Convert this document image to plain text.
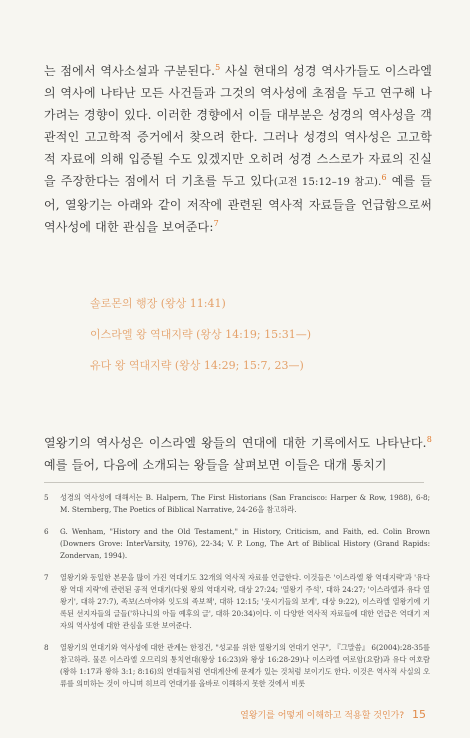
는 점에서 역사소설과 구분된다.$^5$ 사실 현대의 성경 역사가들도 이스라엘의 역사에 나타난 모든 사건들과 그것의 역사성에 초점을 두고 연구해 나가려는 경향이 있다. 이러한 경향에서 이들 대부분은 성경의 역사성을 객관적인 고고학적 증거에서 찾으려 한다. 그러나 성경의 역사성은 고고학적 자료에 의해 입증될 수도 있겠지만 오히려 성경 스스로가 자료의 진실을 주장한다는 점에서 더 기초를 두고 있다(고전 15:12–19 참고).$^6$ 예를 들어, 열왕기는 아래와 같이 저작에 관련된 역사적 자료들을 언급함으로써 역사성에 대한 관심을 보여준다:$^7$

솔로몬의 행장 (왕상 11:41)

이스라엘 왕 역대지략 (왕상 14:19; 15:31—)

유다 왕 역대지략 (왕상 14:29; 15:7, 23—)

열왕기의 역사성은 이스라엘 왕들의 연대에 대한 기록에서도 나타난다.$^8$ 예를 들어, 다음에 소개되는 왕들을 살펴보면 이들은 대개 통치기

5	성경의 역사성에 대해서는 B. Halpern, The First Historians (San Francisco: Harper & Row, 1988), 6-8; M. Sternberg, The Poetics of Biblical Narrative, 24-26을 참고하라.
6	G. Wenham, "History and the Old Testament," in History, Criticism, and Faith, ed. Colin Brown (Downers Grove: InterVarsity, 1976), 22-34; V. P. Long, The Art of Biblical History (Grand Rapids: Zondervan, 1994).
7	열왕기와 동일한 본문을 많이 가진 역대기도 32개의 역사적 자료를 언급한다. 이것들은 '이스라엘 왕 역대지략'과 '유다 왕 역대 지략'에 관련된 공적 연대기(다윗 왕의 역대지략, 대상 27:24; '열왕기 주석', 대하 24:27; '이스라엘과 유다 열왕기', 대하 27:7), 족보(스마야와 잇도의 족보책', 대하 12:15; '웃시기들의 보게', 대상 9:22), 이스라엘 열왕기에 기록된 선지자들의 글들('하나니의 아들 예후의 글', 대하 20:34)이다. 이 다양한 역사적 자료들에 대한 언급은 역대기 저자의 역사성에 대한 관심을 또한 보여준다.
8	열왕기의 연대기와 역사성에 대한 관계는 한정건, "성교를 위한 열왕기의 연대기 연구", 『그말씀』 6(2004):28-35를 참고하라. 물론 이스라엘 오므리의 통치연대(왕상 16:23)와 왕상 16:28-29)나 이스라엘 여로암(요람)과 유다 여호람 (왕하 1:17과 왕하 3:1; 8:16)의 연대들처럼 연대계산에 문제가 있는 것처럼 보이기도 한다. 이것은 역사적 사실의 오류를 의미하는 것이 아니며 히브리 연대기를 올바로 이해하지 못한 것에서 비롯
열왕기를 어떻게 이해하고 적용할 것인가? 15
